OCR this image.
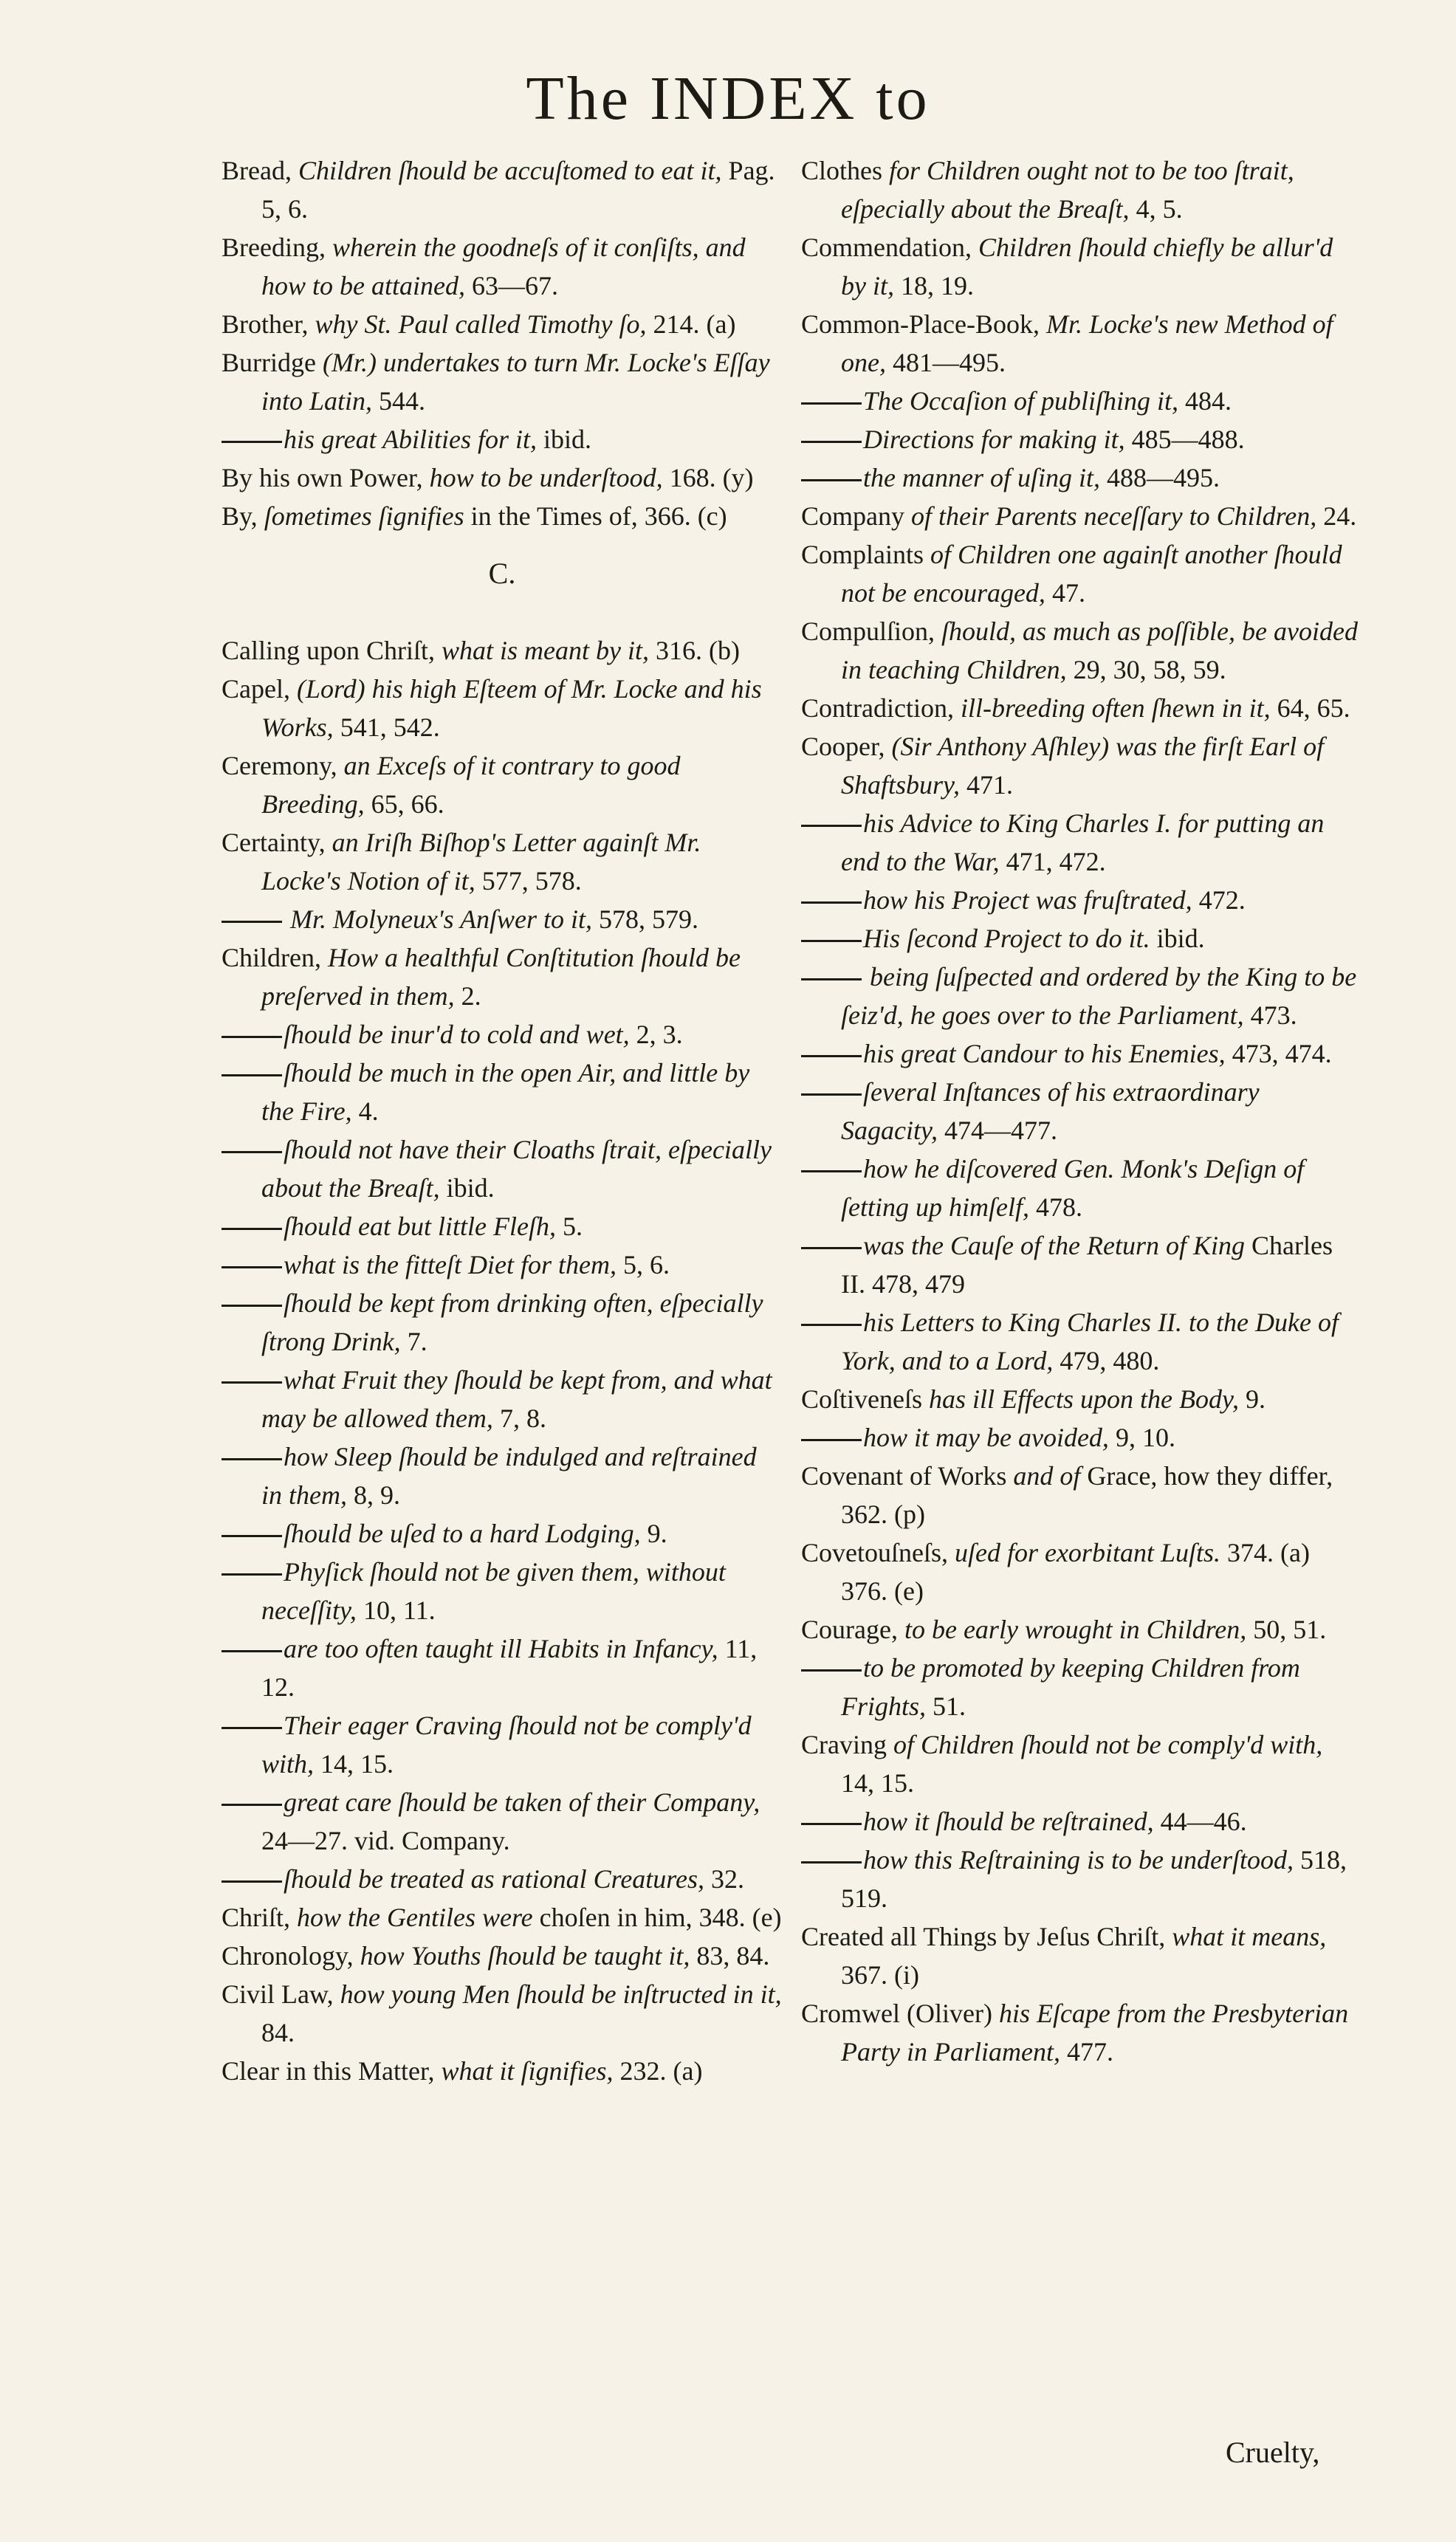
The INDEX to

Bread, Children ſhould be accuſtomed to eat it, Pag. 5, 6.

Breeding, wherein the goodneſs of it conſiſts, and how to be attained, 63—67.

Brother, why St. Paul called Timothy ſo, 214. (a)

Burridge (Mr.) undertakes to turn Mr. Locke's Eſſay into Latin, 544.

his great Abilities for it, ibid.

By his own Power, how to be underſtood, 168. (y)

By, ſometimes ſignifies in the Times of, 366. (c)

C.

Calling upon Chriſt, what is meant by it, 316. (b)

Capel, (Lord) his high Eſteem of Mr. Locke and his Works, 541, 542.

Ceremony, an Exceſs of it contrary to good Breeding, 65, 66.

Certainty, an Iriſh Biſhop's Letter againſt Mr. Locke's Notion of it, 577, 578.

Mr. Molyneux's Anſwer to it, 578, 579.

Children, How a healthful Conſtitution ſhould be preſerved in them, 2.

ſhould be inur'd to cold and wet, 2, 3.

ſhould be much in the open Air, and little by the Fire, 4.

ſhould not have their Cloaths ſtrait, eſpecially about the Breaſt, ibid.

ſhould eat but little Fleſh, 5.

what is the fitteſt Diet for them, 5, 6.

ſhould be kept from drinking often, eſpecially ſtrong Drink, 7.

what Fruit they ſhould be kept from, and what may be allowed them, 7, 8.

how Sleep ſhould be indulged and reſtrained in them, 8, 9.

ſhould be uſed to a hard Lodging, 9.

Phyſick ſhould not be given them, without neceſſity, 10, 11.

are too often taught ill Habits in Infancy, 11, 12.

Their eager Craving ſhould not be comply'd with, 14, 15.

great care ſhould be taken of their Company, 24—27. vid. Company.

ſhould be treated as rational Creatures, 32.

Chriſt, how the Gentiles were choſen in him, 348. (e)

Chronology, how Youths ſhould be taught it, 83, 84.

Civil Law, how young Men ſhould be inſtructed in it, 84.

Clear in this Matter, what it ſignifies, 232. (a)

Clothes for Children ought not to be too ſtrait, eſpecially about the Breaſt, 4, 5.

Commendation, Children ſhould chiefly be allur'd by it, 18, 19.

Common-Place-Book, Mr. Locke's new Method of one, 481—495.

The Occaſion of publiſhing it, 484.

Directions for making it, 485—488.

the manner of uſing it, 488—495.

Company of their Parents neceſſary to Children, 24.

Complaints of Children one againſt another ſhould not be encouraged, 47.

Compulſion, ſhould, as much as poſſible, be avoided in teaching Children, 29, 30, 58, 59.

Contradiction, ill-breeding often ſhewn in it, 64, 65.

Cooper, (Sir Anthony Aſhley) was the firſt Earl of Shaftsbury, 471.

his Advice to King Charles I. for putting an end to the War, 471, 472.

how his Project was fruſtrated, 472.

His ſecond Project to do it. ibid.

being ſuſpected and ordered by the King to be ſeiz'd, he goes over to the Parliament, 473.

his great Candour to his Enemies, 473, 474.

ſeveral Inſtances of his extraordinary Sagacity, 474—477.

how he diſcovered Gen. Monk's Deſign of ſetting up himſelf, 478.

was the Cauſe of the Return of King Charles II. 478, 479

his Letters to King Charles II. to the Duke of York, and to a Lord, 479, 480.

Coſtiveneſs has ill Effects upon the Body, 9.

how it may be avoided, 9, 10.

Covenant of Works and of Grace, how they differ, 362. (p)

Covetouſneſs, uſed for exorbitant Luſts. 374. (a) 376. (e)

Courage, to be early wrought in Children, 50, 51.

to be promoted by keeping Children from Frights, 51.

Craving of Children ſhould not be comply'd with, 14, 15.

how it ſhould be reſtrained, 44—46.

how this Reſtraining is to be underſtood, 518, 519.

Created all Things by Jeſus Chriſt, what it means, 367. (i)

Cromwel (Oliver) his Eſcape from the Presbyterian Party in Parliament, 477.

Cruelty,
